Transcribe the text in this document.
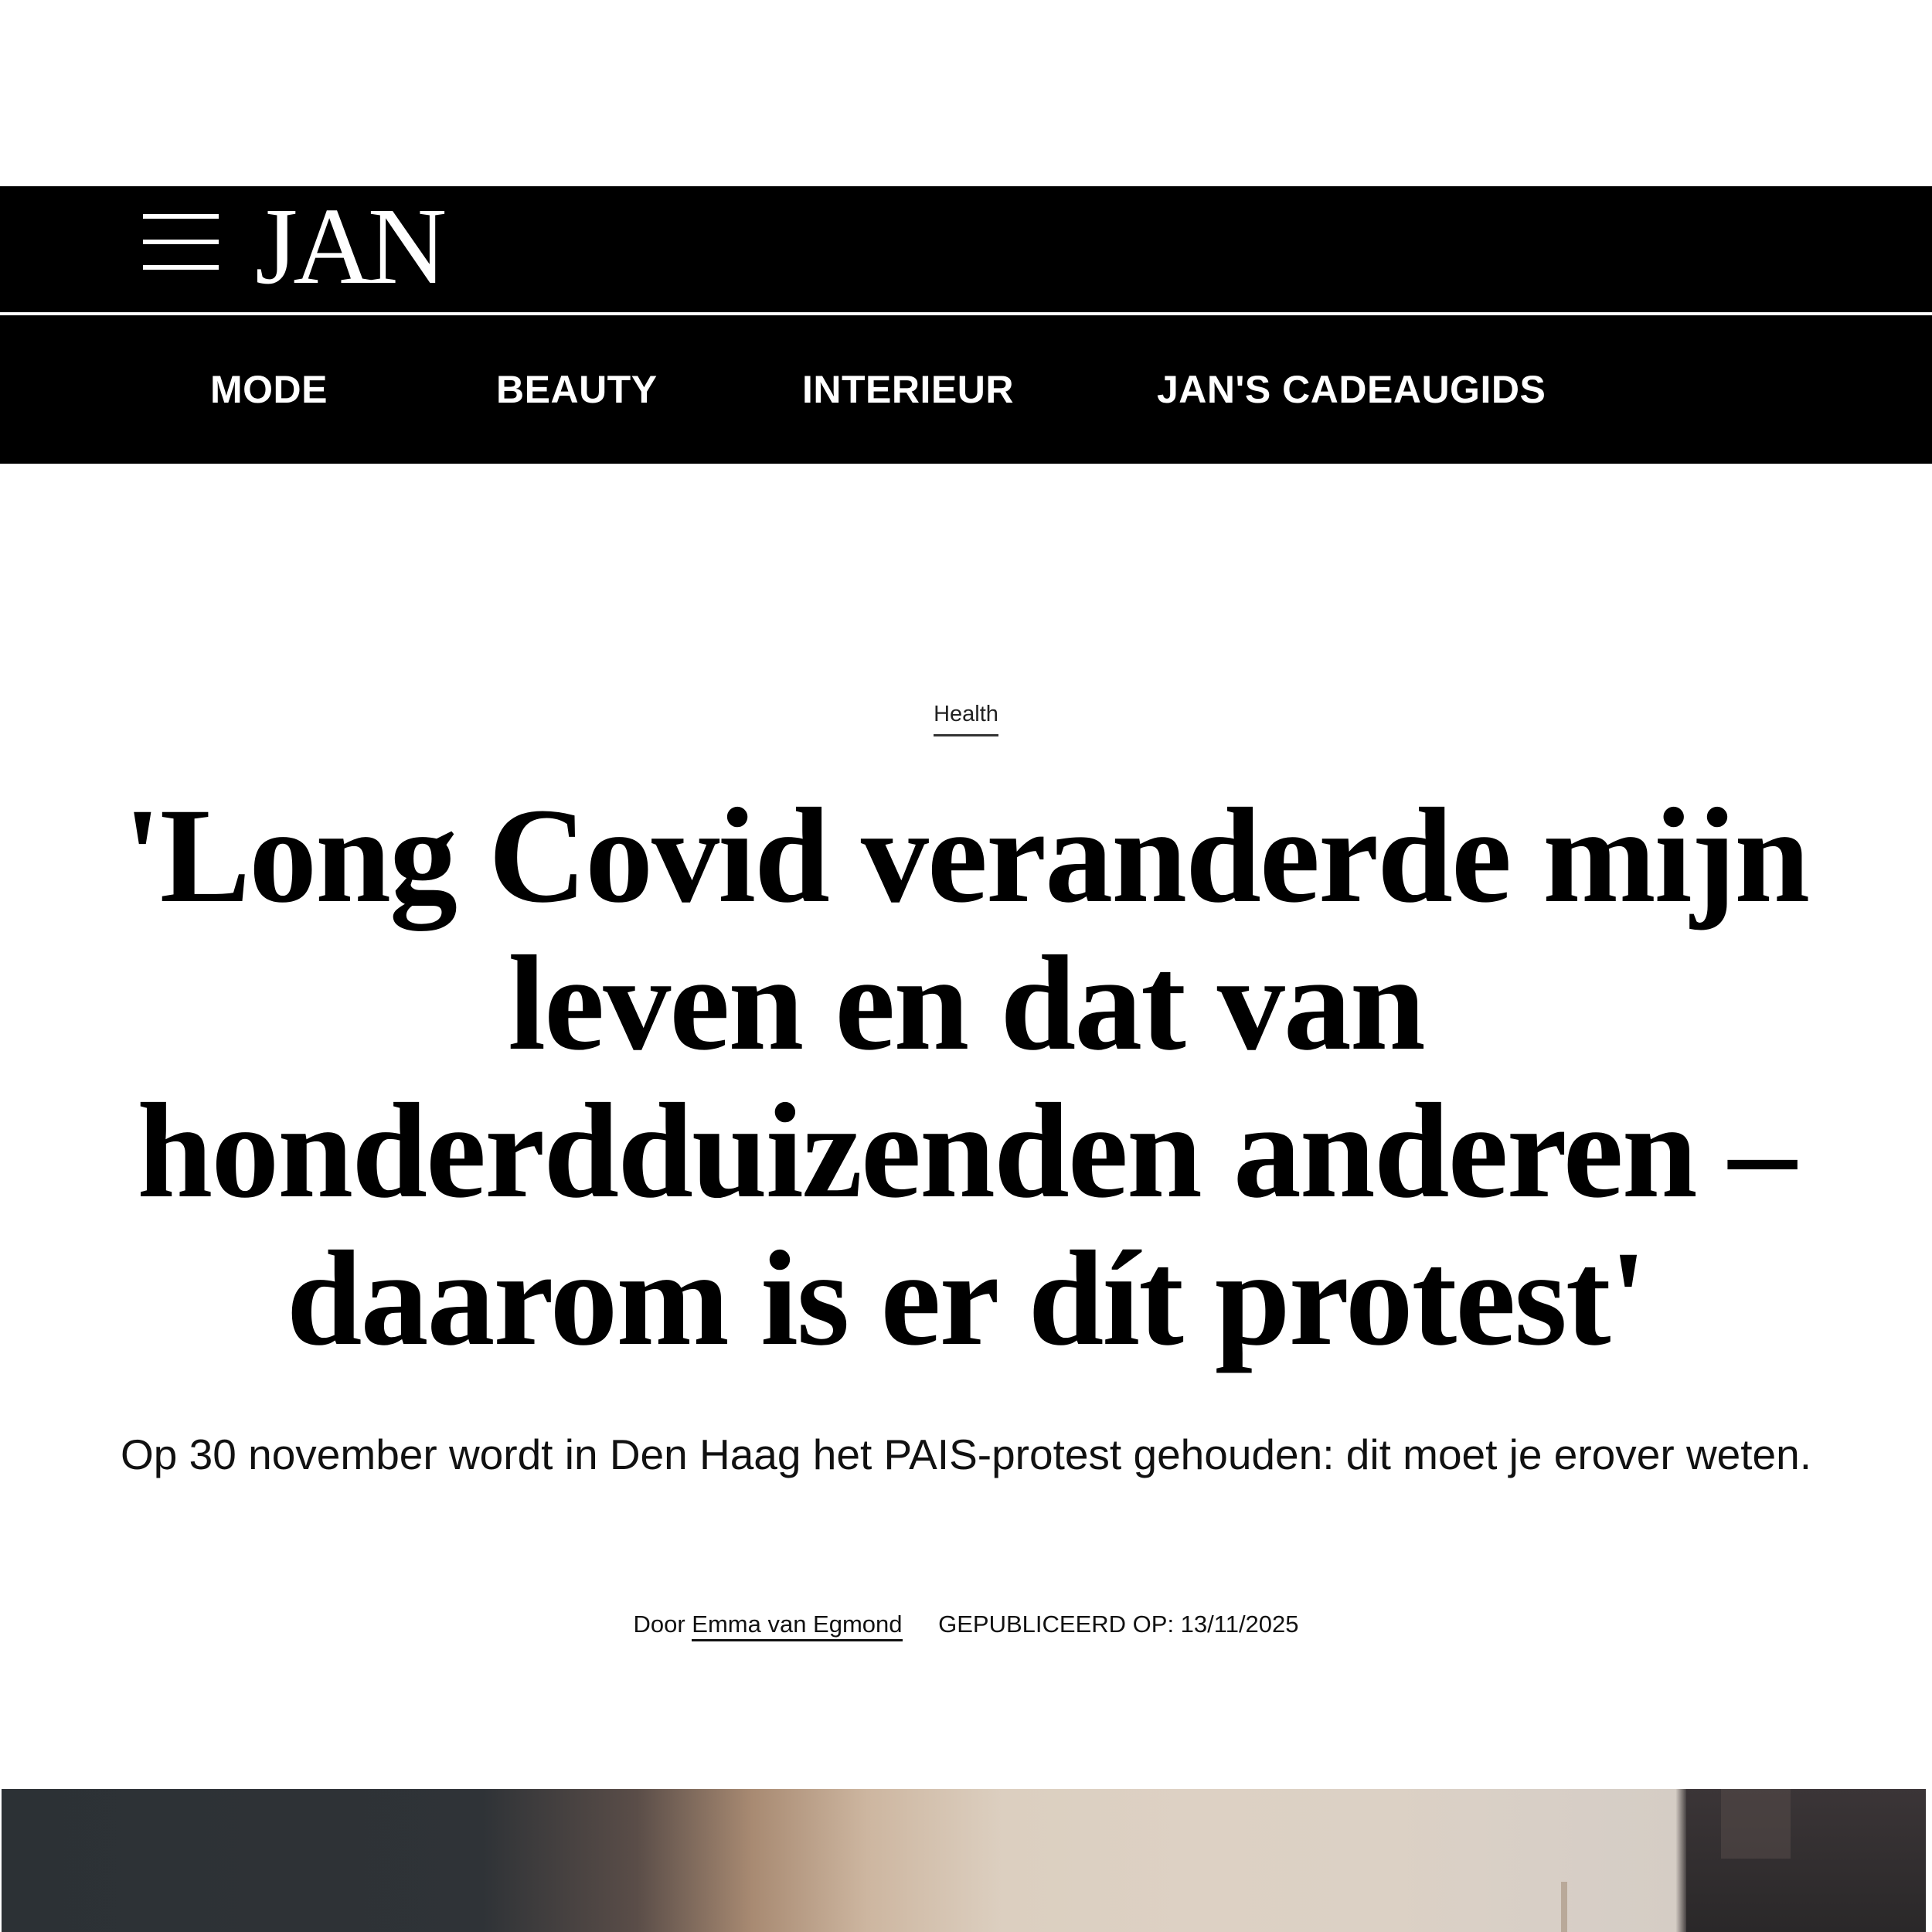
JAN
MODE	BEAUTY	INTERIEUR	JAN'S CADEAUGIDS
Health
'Long Covid veranderde mijn leven en dat van honderdduizenden anderen – daarom is er dít protest'

Op 30 november wordt in Den Haag het PAIS-protest gehouden: dit moet je erover weten.

Door Emma van Egmond GEPUBLICEERD OP: 13/11/2025
